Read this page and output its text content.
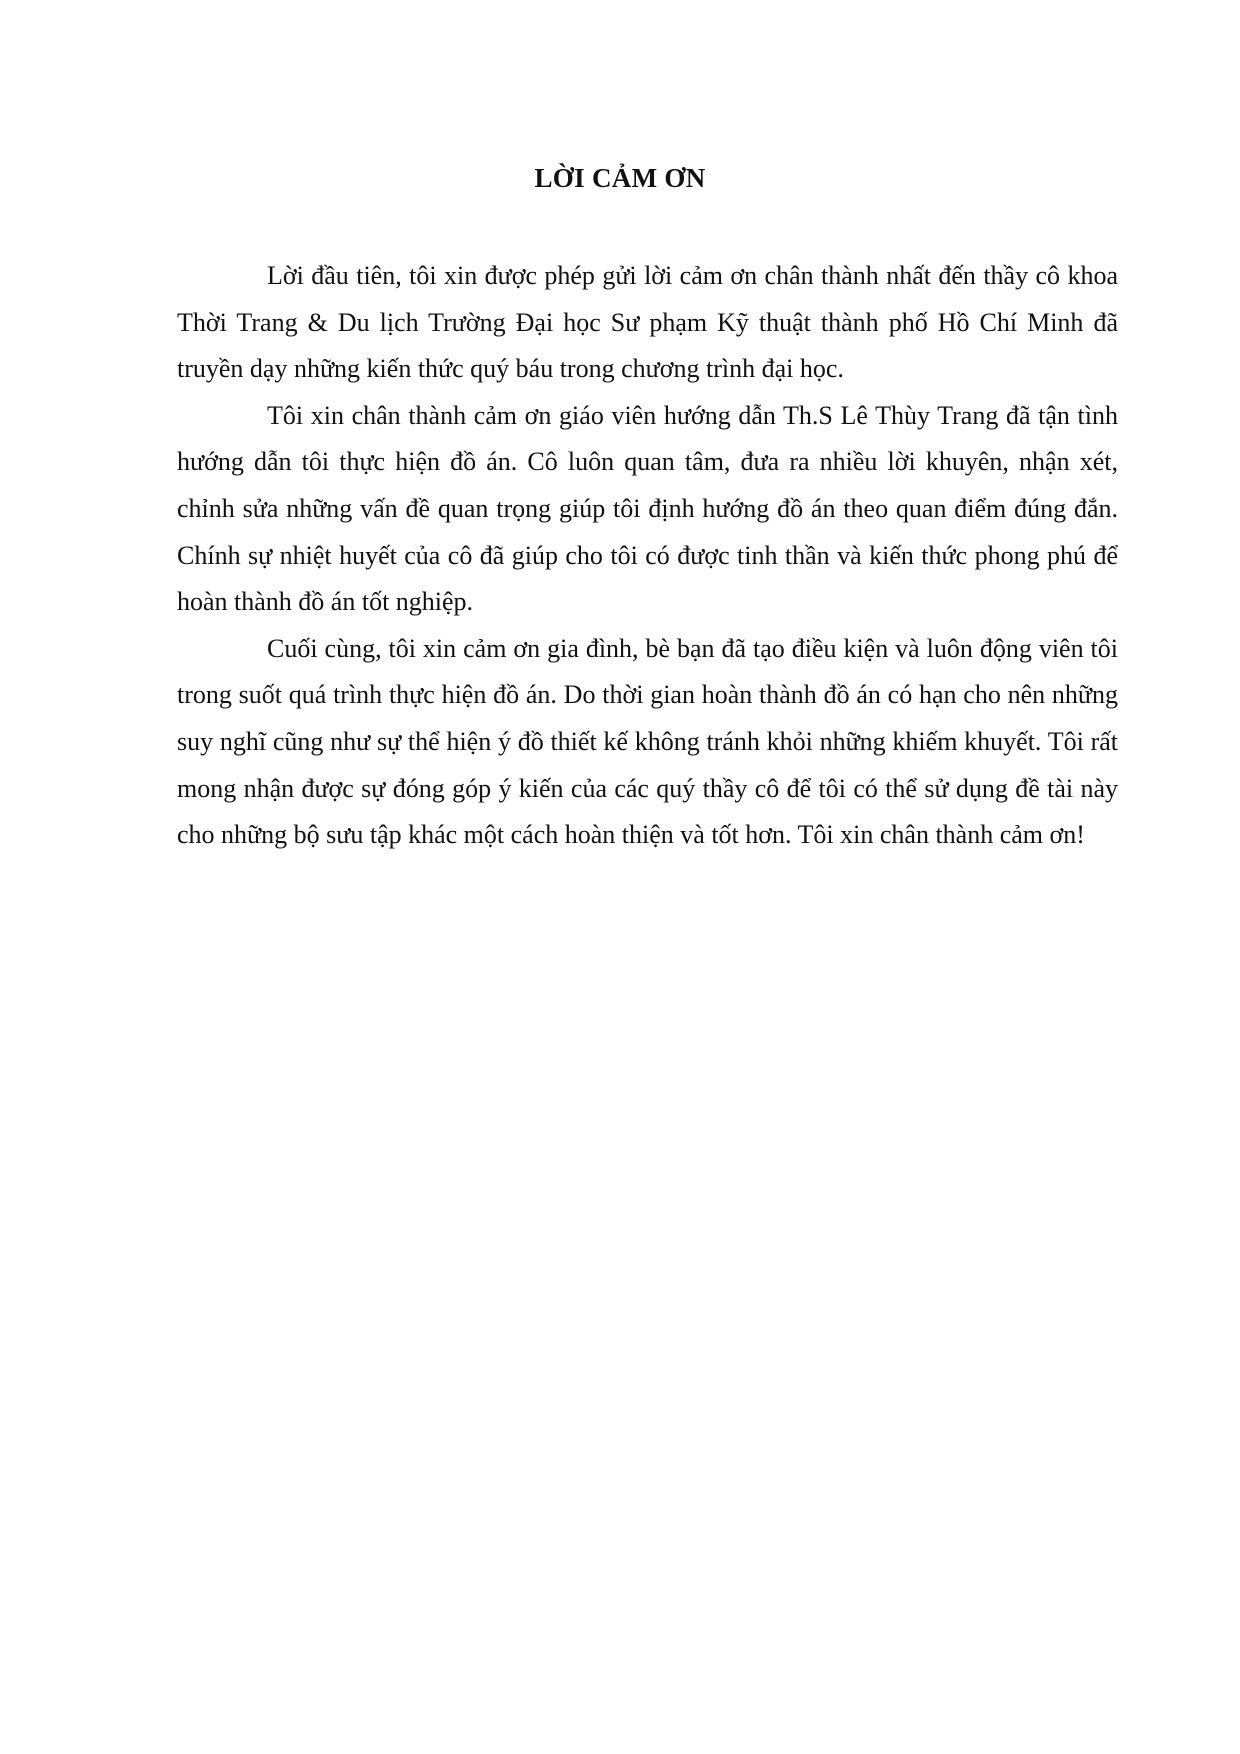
LỜI CẢM ƠN

Lời đầu tiên, tôi xin được phép gửi lời cảm ơn chân thành nhất đến thầy cô khoa Thời Trang & Du lịch Trường Đại học Sư phạm Kỹ thuật thành phố Hồ Chí Minh đã truyền dạy những kiến thức quý báu trong chương trình đại học.

Tôi xin chân thành cảm ơn giáo viên hướng dẫn Th.S Lê Thùy Trang đã tận tình hướng dẫn tôi thực hiện đồ án. Cô luôn quan tâm, đưa ra nhiều lời khuyên, nhận xét, chỉnh sửa những vấn đề quan trọng giúp tôi định hướng đồ án theo quan điểm đúng đắn. Chính sự nhiệt huyết của cô đã giúp cho tôi có được tinh thần và kiến thức phong phú để hoàn thành đồ án tốt nghiệp.

Cuối cùng, tôi xin cảm ơn gia đình, bè bạn đã tạo điều kiện và luôn động viên tôi trong suốt quá trình thực hiện đồ án. Do thời gian hoàn thành đồ án có hạn cho nên những suy nghĩ cũng như sự thể hiện ý đồ thiết kế không tránh khỏi những khiếm khuyết. Tôi rất mong nhận được sự đóng góp ý kiến của các quý thầy cô để tôi có thể sử dụng đề tài này cho những bộ sưu tập khác một cách hoàn thiện và tốt hơn. Tôi xin chân thành cảm ơn!
